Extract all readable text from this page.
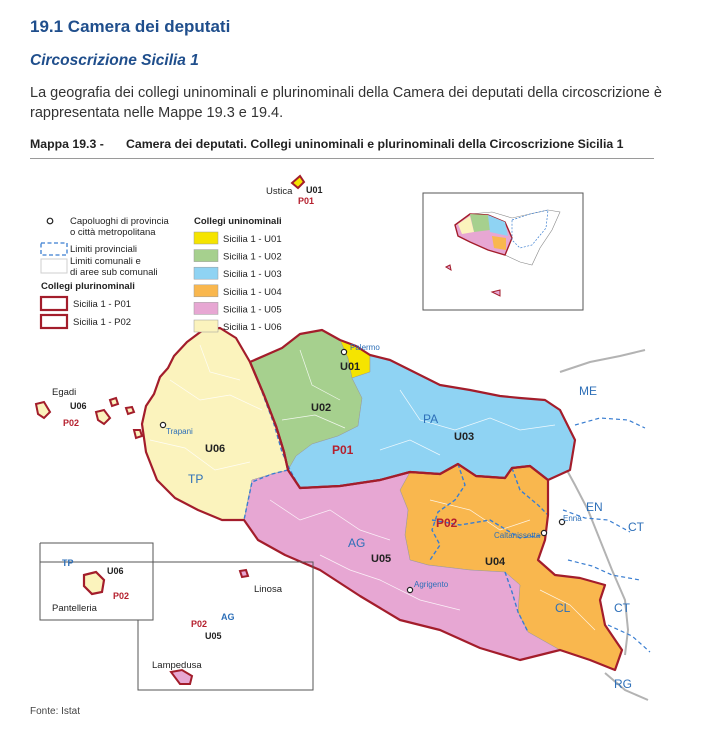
19.1 Camera dei deputati
Circoscrizione Sicilia 1
La geografia dei collegi uninominali e plurinominali della Camera dei deputati della circoscrizione è rappresentata nelle Mappe 19.3 e 19.4.
Mappa 19.3 - Camera dei deputati. Collegi uninominali e plurinominali della Circoscrizione Sicilia 1
Ustica U01
P01
Egadi
U06
P02
Palermo
U01
U02
P01
PA
U03
Trapani
U06
TP
ME
EN
Enna
CT
P02
Caltanissetta
U04
AG
U05
Agrigento
CL	CT
RG
TP
U06
P02
Pantelleria
Linosa
P02
AG
U05
Lampedusa
Capoluoghi di provincia
o città metropolitana
Limiti provinciali
Limiti comunali e
di aree sub comunali
Collegi plurinominali
Sicilia 1 - P01
Sicilia 1 - P02
Collegi uninominali
Sicilia 1 - U01
Sicilia 1 - U02
Sicilia 1 - U03
Sicilia 1 - U04
Sicilia 1 - U05
Sicilia 1 - U06
Fonte: Istat
